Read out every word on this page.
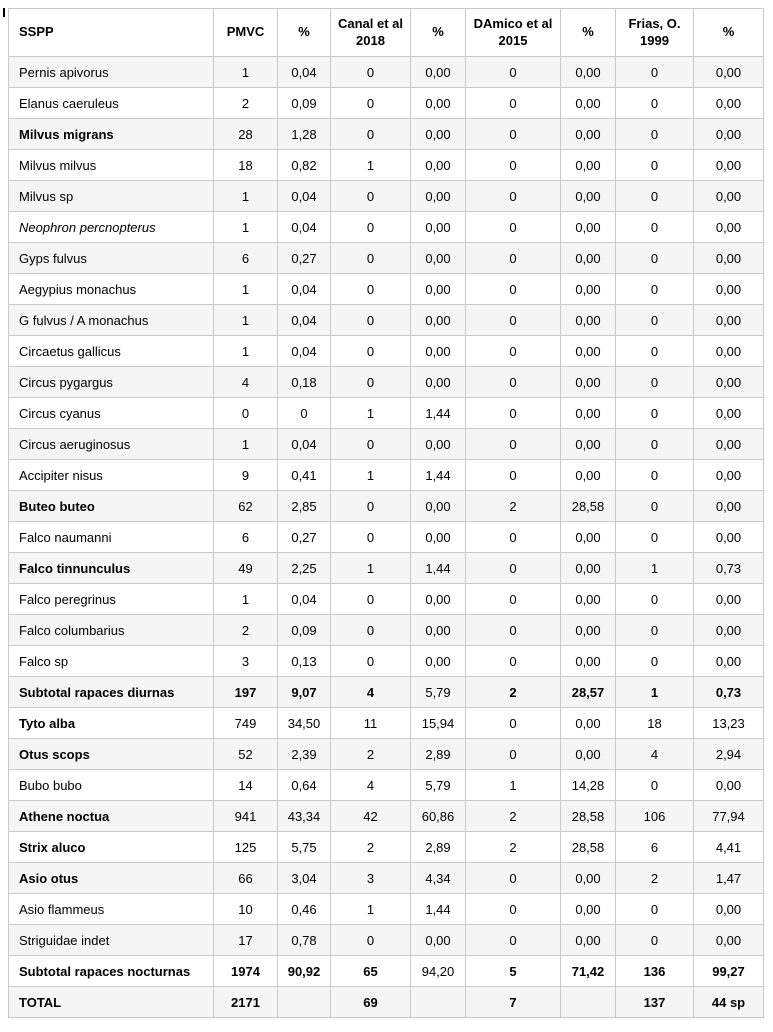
SSPP	PMVC	%	Canal et al 2018	%	DAmico et al 2015	%	Frias, O. 1999	%
Pernis apivorus	1	0,04	0	0,00	0	0,00	0	0,00
Elanus caeruleus	2	0,09	0	0,00	0	0,00	0	0,00
Milvus migrans	28	1,28	0	0,00	0	0,00	0	0,00
Milvus milvus	18	0,82	1	0,00	0	0,00	0	0,00
Milvus sp	1	0,04	0	0,00	0	0,00	0	0,00
Neophron percnopterus	1	0,04	0	0,00	0	0,00	0	0,00
Gyps fulvus	6	0,27	0	0,00	0	0,00	0	0,00
Aegypius monachus	1	0,04	0	0,00	0	0,00	0	0,00
G fulvus / A monachus	1	0,04	0	0,00	0	0,00	0	0,00
Circaetus gallicus	1	0,04	0	0,00	0	0,00	0	0,00
Circus pygargus	4	0,18	0	0,00	0	0,00	0	0,00
Circus cyanus	0	0	1	1,44	0	0,00	0	0,00
Circus aeruginosus	1	0,04	0	0,00	0	0,00	0	0,00
Accipiter nisus	9	0,41	1	1,44	0	0,00	0	0,00
Buteo buteo	62	2,85	0	0,00	2	28,58	0	0,00
Falco naumanni	6	0,27	0	0,00	0	0,00	0	0,00
Falco tinnunculus	49	2,25	1	1,44	0	0,00	1	0,73
Falco peregrinus	1	0,04	0	0,00	0	0,00	0	0,00
Falco columbarius	2	0,09	0	0,00	0	0,00	0	0,00
Falco sp	3	0,13	0	0,00	0	0,00	0	0,00
Subtotal rapaces diurnas	197	9,07	4	5,79	2	28,57	1	0,73
Tyto alba	749	34,50	11	15,94	0	0,00	18	13,23
Otus scops	52	2,39	2	2,89	0	0,00	4	2,94
Bubo bubo	14	0,64	4	5,79	1	14,28	0	0,00
Athene noctua	941	43,34	42	60,86	2	28,58	106	77,94
Strix aluco	125	5,75	2	2,89	2	28,58	6	4,41
Asio otus	66	3,04	3	4,34	0	0,00	2	1,47
Asio flammeus	10	0,46	1	1,44	0	0,00	0	0,00
Striguidae indet	17	0,78	0	0,00	0	0,00	0	0,00
Subtotal rapaces nocturnas	1974	90,92	65	94,20	5	71,42	136	99,27
TOTAL	2171		69		7		137	44 sp
